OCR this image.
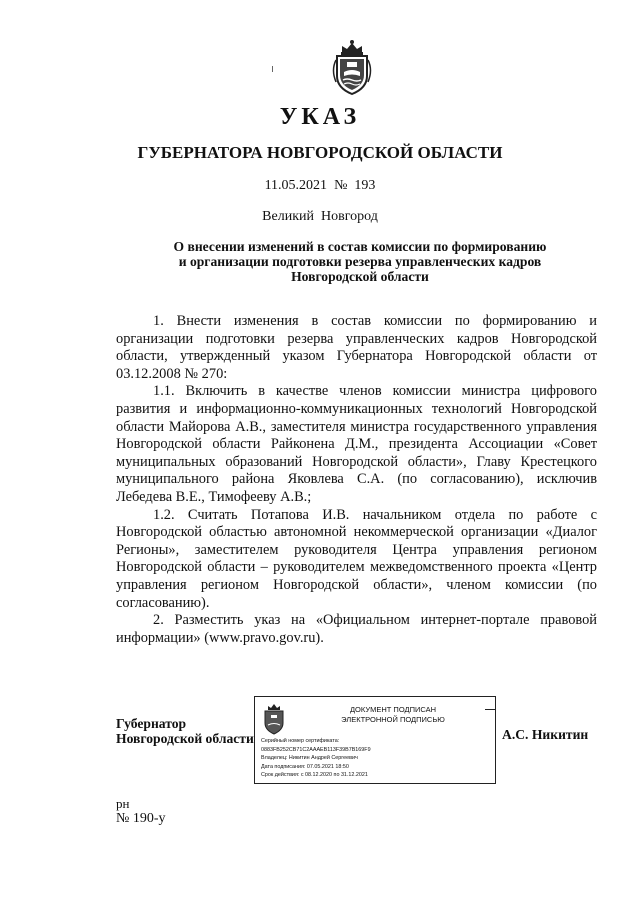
УКАЗ
ГУБЕРНАТОРА НОВГОРОДСКОЙ ОБЛАСТИ
11.05.2021 № 193
Великий  Новгород
О внесении изменений в состав комиссии по формированию
и организации подготовки резерва управленческих кадров
Новгородской области

1. Внести изменения в состав комиссии по формированию и организации подготовки резерва управленческих кадров Новгородской области, утвержденный указом Губернатора Новгородской области от 03.12.2008 № 270:

1.1. Включить в качестве членов комиссии министра цифрового развития и информационно-коммуникационных технологий Новгородской области Майорова А.В., заместителя министра государственного управления Новгородской области Райконена Д.М., президента Ассоциации «Совет муниципальных образований Новгородской области», Главу Крестецкого муниципального района Яковлева С.А. (по согласованию), исключив Лебедева В.Е., Тимофееву А.В.;

1.2. Считать Потапова И.В. начальником отдела по работе с Новгородской областью автономной некоммерческой организации «Диалог Регионы», заместителем руководителя Центра управления регионом Новгородской области – руководителем межведомственного проекта «Центр управления регионом Новгородской области», членом комиссии (по согласованию).

2. Разместить указ на «Официальном интернет-портале правовой информации» (www.pravo.gov.ru).

Губернатор
Новгородской области
ДОКУМЕНТ ПОДПИСАН
ЭЛЕКТРОННОЙ ПОДПИСЬЮ
Серийный номер сертификата:
0883FB252CB71C2AAAEB113F39B7B169F9
Владелец: Никитин Андрей Сергеевич
Дата подписания: 07.05.2021 18:50
Срок действия: с 08.12.2020 по 31.12.2021
А.С. Никитин
рн
№ 190-у
